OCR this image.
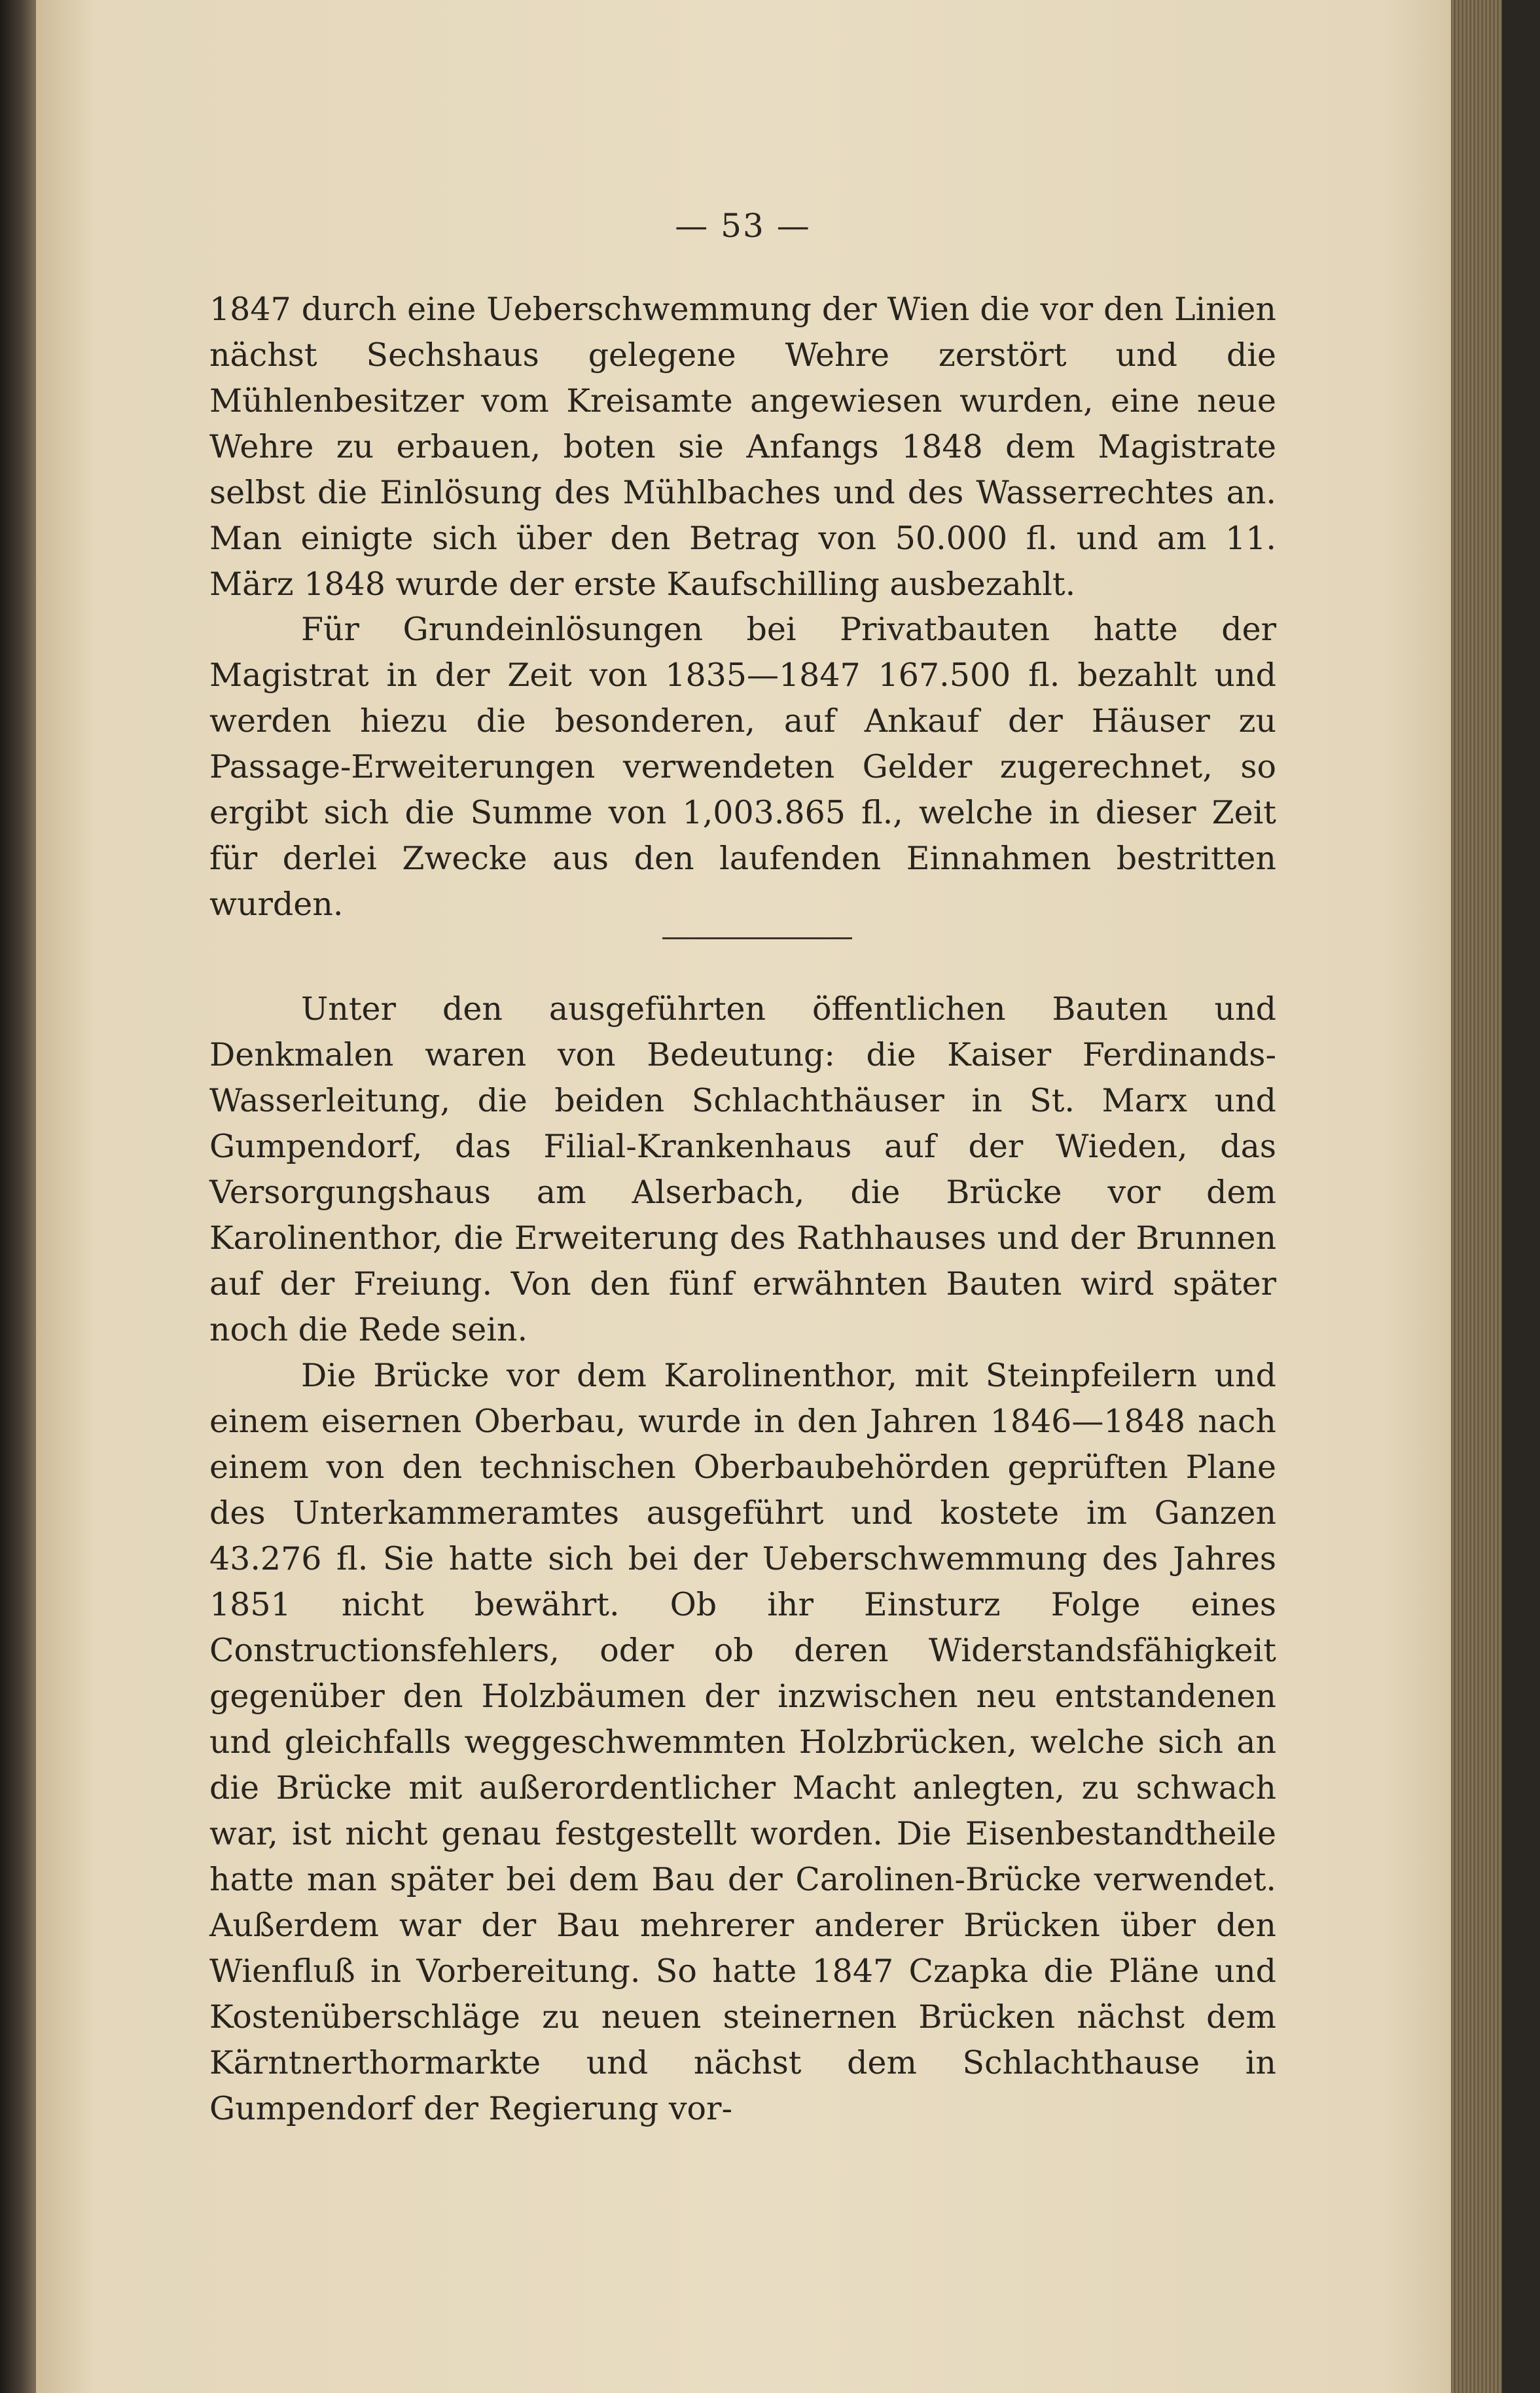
— 53 —

1847 durch eine Ueberschwemmung der Wien die vor den Linien nächst Sechshaus gelegene Wehre zerstört und die Mühlenbesitzer vom Kreisamte angewiesen wurden, eine neue Wehre zu erbauen, boten sie Anfangs 1848 dem Magistrate selbst die Einlösung des Mühlbaches und des Wasserrechtes an. Man einigte sich über den Betrag von 50.000 fl. und am 11. März 1848 wurde der erste Kaufschilling ausbezahlt.

Für Grundeinlösungen bei Privatbauten hatte der Magistrat in der Zeit von 1835—1847 167.500 fl. bezahlt und werden hiezu die besonderen, auf Ankauf der Häuser zu Passage-Erweiterungen verwendeten Gelder zugerechnet, so ergibt sich die Summe von 1,003.865 fl., welche in dieser Zeit für derlei Zwecke aus den laufenden Einnahmen bestritten wurden.

Unter den ausgeführten öffentlichen Bauten und Denkmalen waren von Bedeutung: die Kaiser Ferdinands-Wasserleitung, die beiden Schlachthäuser in St. Marx und Gumpendorf, das Filial-Krankenhaus auf der Wieden, das Versorgungshaus am Alserbach, die Brücke vor dem Karolinenthor, die Erweiterung des Rathhauses und der Brunnen auf der Freiung. Von den fünf erwähnten Bauten wird später noch die Rede sein.

Die Brücke vor dem Karolinenthor, mit Steinpfeilern und einem eisernen Oberbau, wurde in den Jahren 1846—1848 nach einem von den technischen Oberbaubehörden geprüften Plane des Unterkammeramtes ausgeführt und kostete im Ganzen 43.276 fl. Sie hatte sich bei der Ueberschwemmung des Jahres 1851 nicht bewährt. Ob ihr Einsturz Folge eines Constructionsfehlers, oder ob deren Widerstandsfähigkeit gegenüber den Holzbäumen der inzwischen neu entstandenen und gleichfalls weggeschwemmten Holzbrücken, welche sich an die Brücke mit außerordentlicher Macht anlegten, zu schwach war, ist nicht genau festgestellt worden. Die Eisenbestandtheile hatte man später bei dem Bau der Carolinen-Brücke verwendet. Außerdem war der Bau mehrerer anderer Brücken über den Wienfluß in Vorbereitung. So hatte 1847 Czapka die Pläne und Kostenüberschläge zu neuen steinernen Brücken nächst dem Kärntnerthormarkte und nächst dem Schlachthause in Gumpendorf der Regierung vor-
